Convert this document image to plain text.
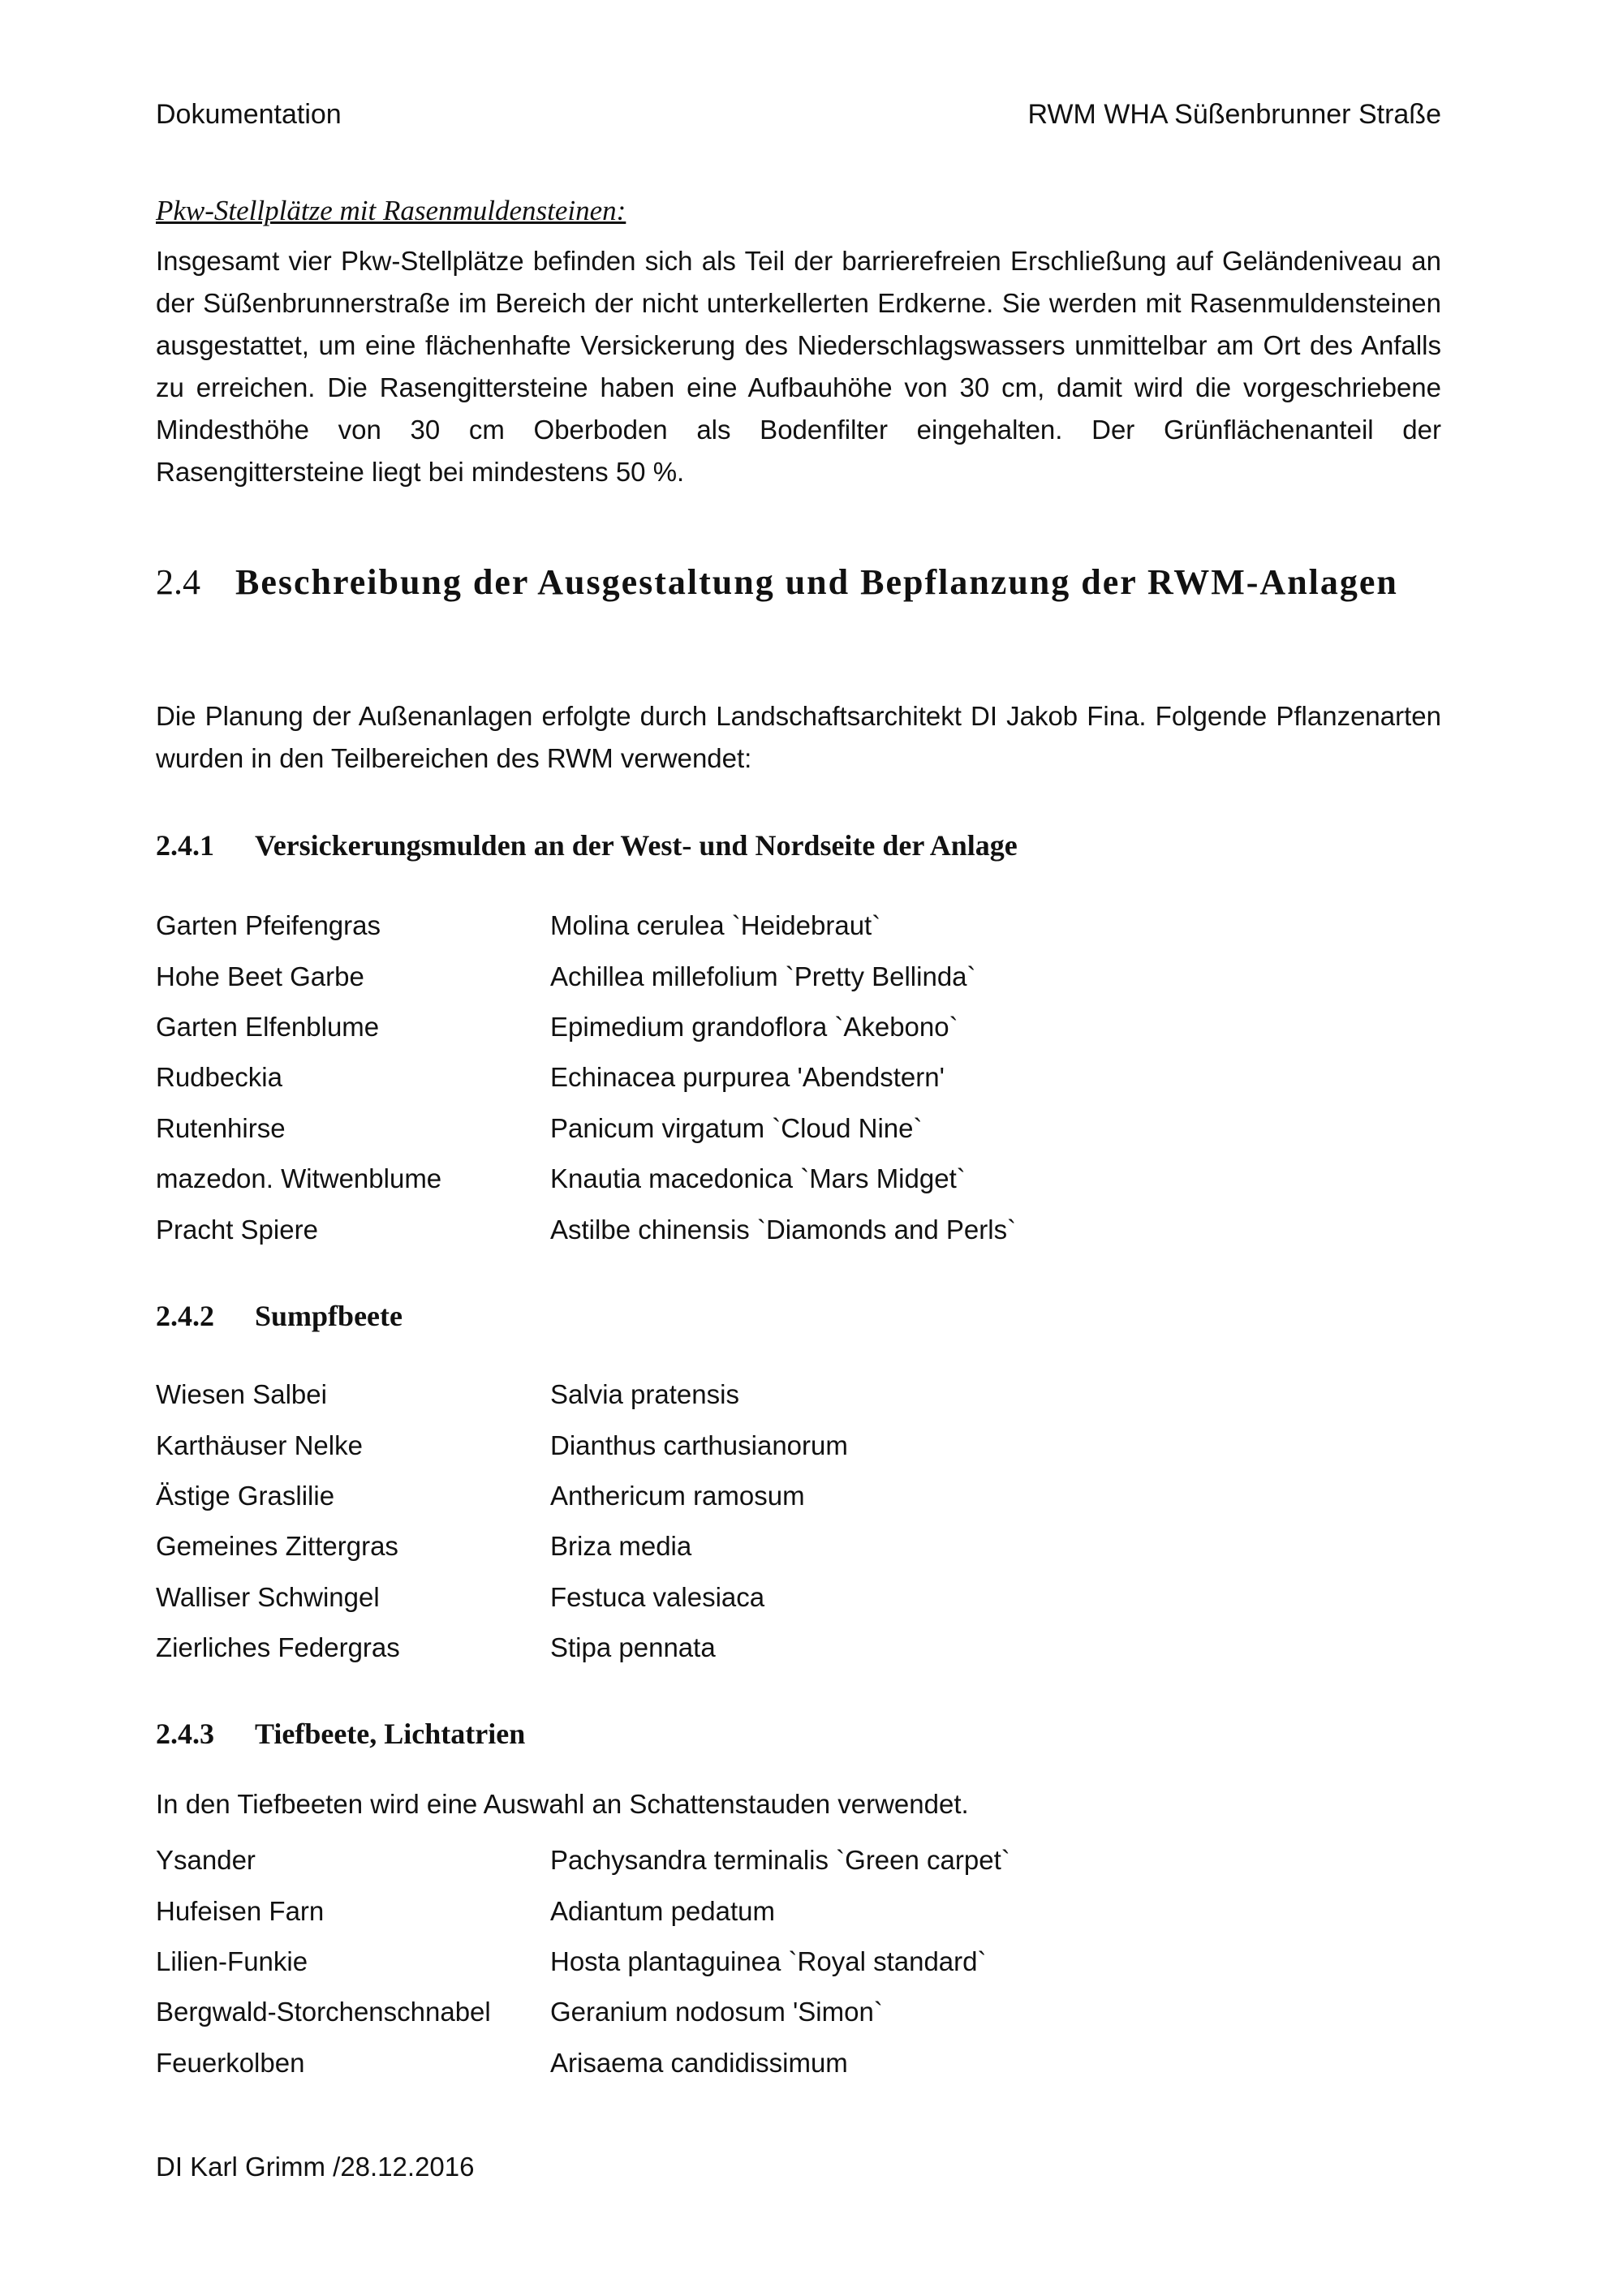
Dokumentation	RWM WHA Süßenbrunner Straße
Pkw-Stellplätze mit Rasenmuldensteinen:

Insgesamt vier Pkw-Stellplätze befinden sich als Teil der barrierefreien Erschließung auf Geländeniveau an der Süßenbrunnerstraße im Bereich der nicht unterkellerten Erdkerne. Sie werden mit Rasenmuldensteinen ausgestattet, um eine flächenhafte Versickerung des Niederschlagswassers unmittelbar am Ort des Anfalls zu erreichen. Die Rasengittersteine haben eine Aufbauhöhe von 30 cm, damit wird die vorgeschriebene Mindesthöhe von 30 cm Oberboden als Bodenfilter eingehalten. Der Grünflächenanteil der Rasengittersteine liegt bei mindestens 50 %.

2.4 Beschreibung der Ausgestaltung und Bepflanzung der RWM-Anlagen

Die Planung der Außenanlagen erfolgte durch Landschaftsarchitekt DI Jakob Fina. Folgende Pflanzenarten wurden in den Teilbereichen des RWM verwendet:

2.4.1	Versickerungsmulden an der West- und Nordseite der Anlage
Garten Pfeifengras	Molina cerulea `Heidebraut`
Hohe Beet Garbe	Achillea millefolium `Pretty Bellinda`
Garten Elfenblume	Epimedium grandoflora `Akebono`
Rudbeckia	Echinacea purpurea 'Abendstern'
Rutenhirse	Panicum virgatum `Cloud Nine`
mazedon. Witwenblume	Knautia macedonica `Mars Midget`
Pracht Spiere	Astilbe chinensis `Diamonds and Perls`
2.4.2	Sumpfbeete
Wiesen Salbei	Salvia pratensis
Karthäuser Nelke	Dianthus carthusianorum
Ästige Graslilie	Anthericum ramosum
Gemeines Zittergras	Briza media
Walliser Schwingel	Festuca valesiaca
Zierliches Federgras	Stipa pennata
2.4.3	Tiefbeete, Lichtatrien
In den Tiefbeeten wird eine Auswahl an Schattenstauden verwendet.
Ysander	Pachysandra terminalis `Green carpet`
Hufeisen Farn	Adiantum pedatum
Lilien-Funkie	Hosta plantaguinea `Royal standard`
Bergwald-Storchenschnabel	Geranium nodosum 'Simon`
Feuerkolben	Arisaema candidissimum
DI Karl Grimm /28.12.2016
